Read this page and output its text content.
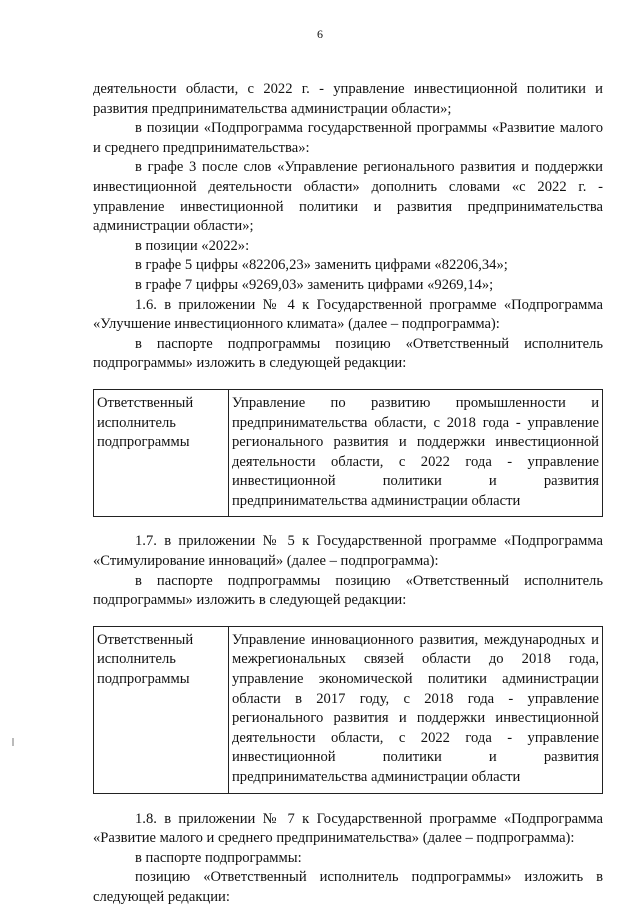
6

деятельности области, с 2022 г. - управление инвестиционной политики и развития предпринимательства администрации области»;

в позиции «Подпрограмма государственной программы «Развитие малого и среднего предпринимательства»:

в графе 3 после слов «Управление регионального развития и поддержки инвестиционной деятельности области» дополнить словами «с 2022 г. - управление инвестиционной политики и развития предпринимательства администрации области»;

в позиции «2022»:

в графе 5 цифры «82206,23» заменить цифрами «82206,34»;

в графе 7 цифры «9269,03» заменить цифрами «9269,14»;

1.6. в приложении № 4 к Государственной программе «Подпрограмма «Улучшение инвестиционного климата» (далее – подпрограмма):

в паспорте подпрограммы позицию «Ответственный исполнитель подпрограммы» изложить в следующей редакции:

Ответственный исполнитель подпрограммы	Управление по развитию промышленности и предпринимательства области, с 2018 года - управление регионального развития и поддержки инвестиционной деятельности области, с 2022 года - управление инвестиционной политики и развития предпринимательства администрации области

1.7. в приложении № 5 к Государственной программе «Подпрограмма «Стимулирование инноваций» (далее – подпрограмма):

в паспорте подпрограммы позицию «Ответственный исполнитель подпрограммы» изложить в следующей редакции:

Ответственный исполнитель подпрограммы	Управление инновационного развития, международных и межрегиональных связей области до 2018 года, управление экономической политики администрации области в 2017 году, с 2018 года - управление регионального развития и поддержки инвестиционной деятельности области, с 2022 года - управление инвестиционной политики и развития предпринимательства администрации области

1.8. в приложении № 7 к Государственной программе «Подпрограмма «Развитие малого и среднего предпринимательства» (далее – подпрограмма):

в паспорте подпрограммы:

позицию «Ответственный исполнитель подпрограммы» изложить в следующей редакции:
